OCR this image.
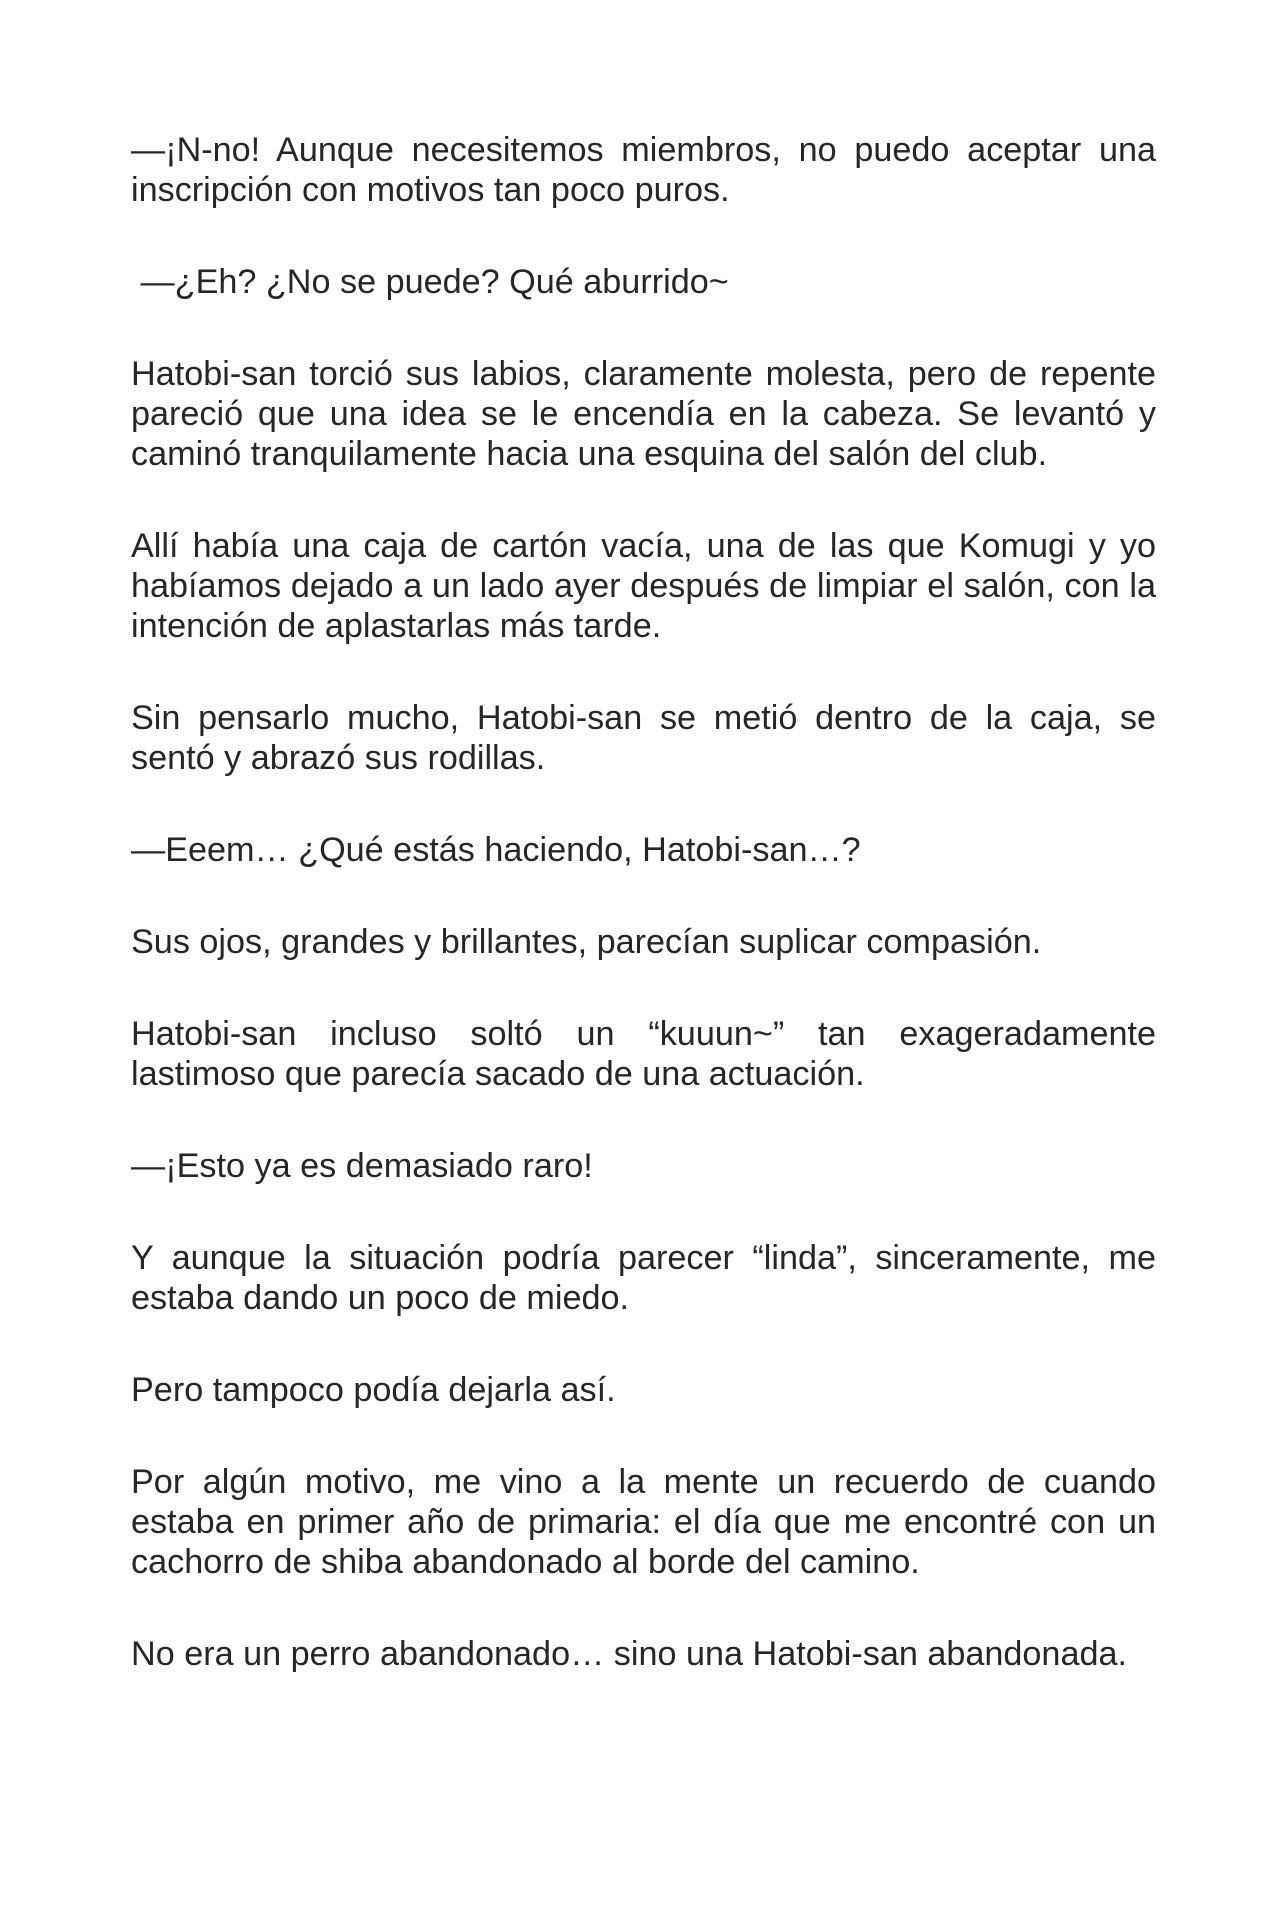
—¡N-no! Aunque necesitemos miembros, no puedo aceptar una inscripción con motivos tan poco puros.

—¿Eh? ¿No se puede? Qué aburrido~

Hatobi-san torció sus labios, claramente molesta, pero de repente pareció que una idea se le encendía en la cabeza. Se levantó y caminó tranquilamente hacia una esquina del salón del club.

Allí había una caja de cartón vacía, una de las que Komugi y yo habíamos dejado a un lado ayer después de limpiar el salón, con la intención de aplastarlas más tarde.

Sin pensarlo mucho, Hatobi-san se metió dentro de la caja, se sentó y abrazó sus rodillas.

—Eeem… ¿Qué estás haciendo, Hatobi-san…?

Sus ojos, grandes y brillantes, parecían suplicar compasión.

Hatobi-san incluso soltó un “kuuun~” tan exageradamente lastimoso que parecía sacado de una actuación.

—¡Esto ya es demasiado raro!

Y aunque la situación podría parecer “linda”, sinceramente, me estaba dando un poco de miedo.

Pero tampoco podía dejarla así.

Por algún motivo, me vino a la mente un recuerdo de cuando estaba en primer año de primaria: el día que me encontré con un cachorro de shiba abandonado al borde del camino.

No era un perro abandonado… sino una Hatobi-san abandonada.
